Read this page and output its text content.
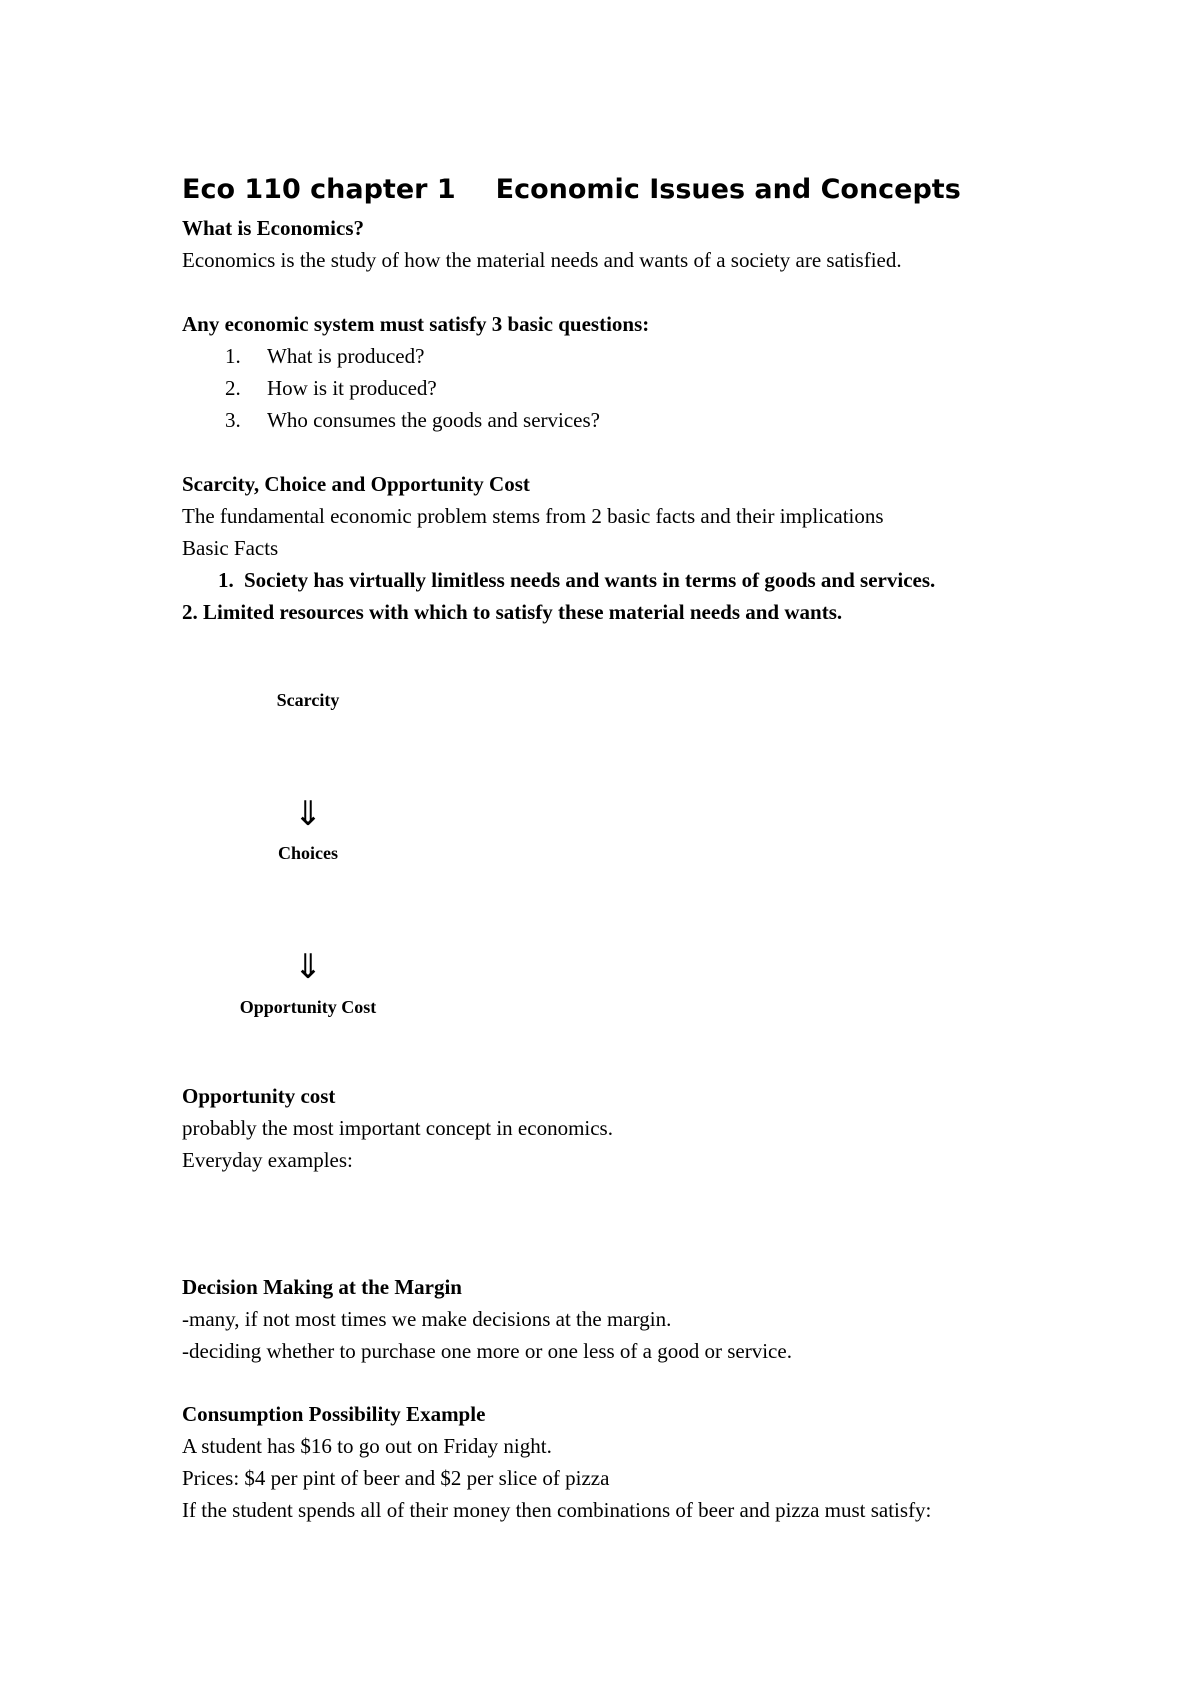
Eco 110 chapter 1 Economic Issues and Concepts

What is Economics?

Economics is the study of how the material needs and wants of a society are satisfied.

Any economic system must satisfy 3 basic questions:

1. What is produced?
2. How is it produced?
3. Who consumes the goods and services?

Scarcity, Choice and Opportunity Cost

The fundamental economic problem stems from 2 basic facts and their implications

Basic Facts

1. Society has virtually limitless needs and wants in terms of goods and services.

2. Limited resources with which to satisfy these material needs and wants.

Scarcity
⇓
Choices
⇓
Opportunity Cost

Opportunity cost

probably the most important concept in economics.

Everyday examples:

Decision Making at the Margin

-many, if not most times we make decisions at the margin.

-deciding whether to purchase one more or one less of a good or service.

Consumption Possibility Example

A student has $16 to go out on Friday night.

Prices: $4 per pint of beer and $2 per slice of pizza

If the student spends all of their money then combinations of beer and pizza must satisfy:
